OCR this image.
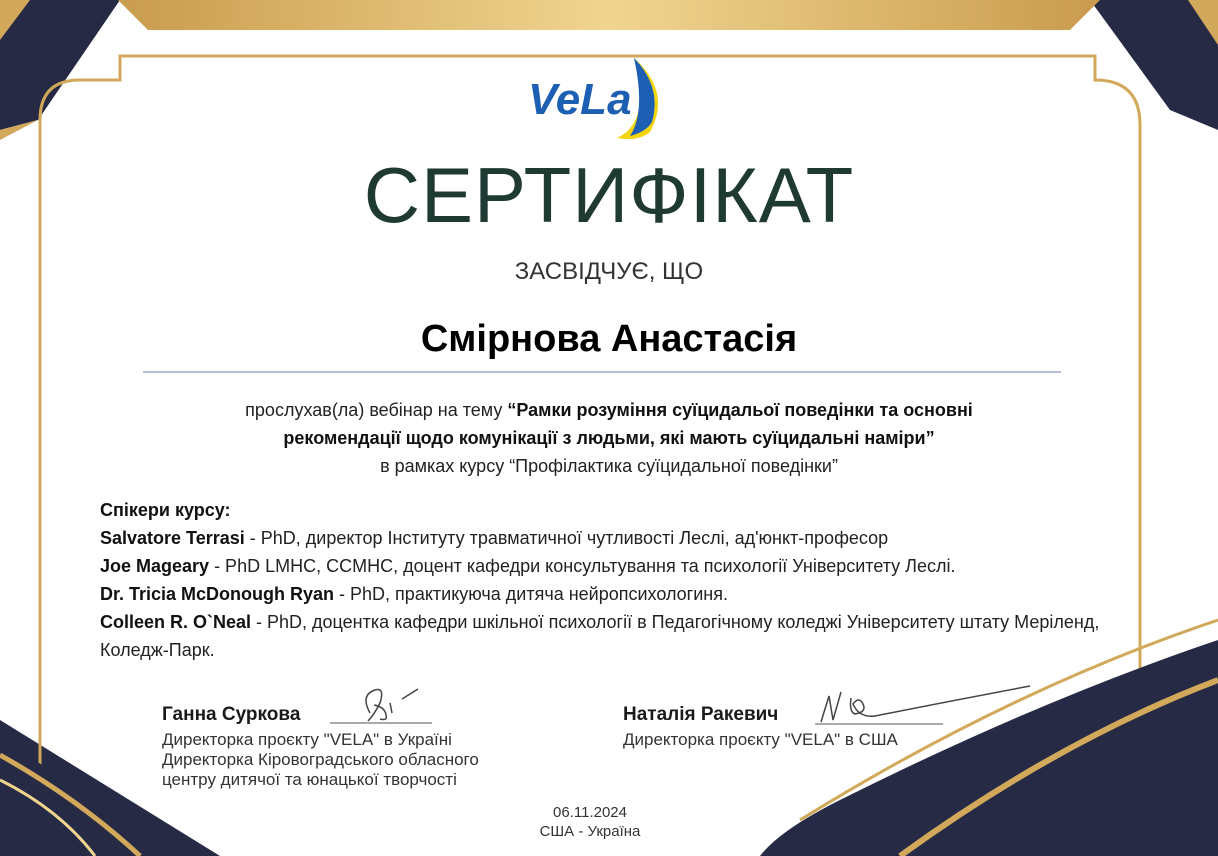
VeLa
СЕРТИФІКАТ
ЗАСВІДЧУЄ, ЩО
Смірнова Анастасія
прослухав(ла) вебінар на тему “Рамки розуміння суїцидальої поведінки та основні
рекомендації щодо комунікації з людьми, які мають суїцидальні наміри”
в рамках курсу “Профілактика суїцидальної поведінки”
Спікери курсу:
Salvatore Terrasi - PhD, директор Інституту травматичної чутливості Леслі, ад'юнкт-професор
Joe Mageary - PhD LMHC, CCMHC, доцент кафедри консультування та психології Університету Леслі.
Dr. Tricia McDonough Ryan - PhD, практикуюча дитяча нейропсихологиня.
Colleen R. O`Neal - PhD, доцентка кафедри шкільної психології в Педагогічному коледжі Університету штату Меріленд, Коледж-Парк.
Ганна Суркова
Директорка проєкту "VELA" в Україні
Директорка Кіровоградського обласного
центру дитячої та юнацької творчості
Наталія Ракевич
Директорка проєкту "VELA" в США
06.11.2024
США - Україна
